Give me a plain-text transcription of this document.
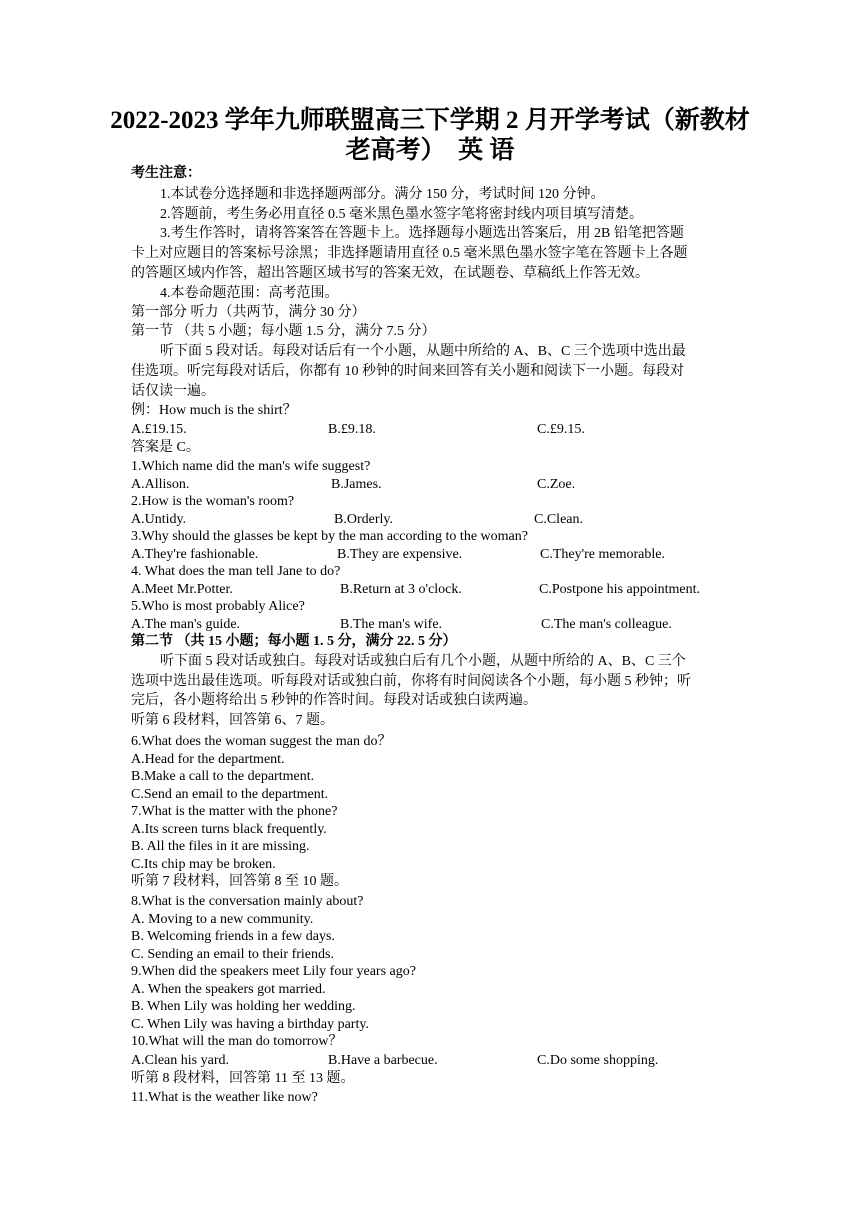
2022-2023 学年九师联盟高三下学期 2 月开学考试（新教材
老高考）　英 语
考生注意：
1.本试卷分选择题和非选择题两部分。满分 150 分，考试时间 120 分钟。
2.答题前，考生务必用直径 0.5 毫米黑色墨水签字笔将密封线内项目填写清楚。
3.考生作答时，请将答案答在答题卡上。选择题每小题选出答案后，用 2B 铅笔把答题
卡上对应题目的答案标号涂黑；非选择题请用直径 0.5 毫米黑色墨水签字笔在答题卡上各题
的答题区域内作答，超出答题区域书写的答案无效，在试题卷、草稿纸上作答无效。
4.本卷命题范围：高考范围。
第一部分 听力（共两节，满分 30 分）
第一节 （共 5 小题；每小题 1.5 分，满分 7.5 分）
听下面 5 段对话。每段对话后有一个小题，从题中所给的 A、B、C 三个选项中选出最
佳选项。听完每段对话后，你都有 10 秒钟的时间来回答有关小题和阅读下一小题。每段对
话仅读一遍。
例：How much is the shirt？
A.£19.15.	B.£9.18.	C.£9.15.
答案是 C。
1.Which name did the man's wife suggest?
A.Allison.	B.James.	C.Zoe.
2.How is the woman's room?
A.Untidy.	B.Orderly.	C.Clean.
3.Why should the glasses be kept by the man according to the woman?
A.They're fashionable.	B.They are expensive.	C.They're memorable.
4. What does the man tell Jane to do?
A.Meet Mr.Potter.	B.Return at 3 o'clock.	C.Postpone his appointment.
5.Who is most probably Alice?
A.The man's guide.	B.The man's wife.	C.The man's colleague.
第二节 （共 15 小题；每小题 1. 5 分，满分 22. 5 分）
听下面 5 段对话或独白。每段对话或独白后有几个小题，从题中所给的 A、B、C 三个
选项中选出最佳选项。听每段对话或独白前，你将有时间阅读各个小题，每小题 5 秒钟；听
完后，各小题将给出 5 秒钟的作答时间。每段对话或独白读两遍。
听第 6 段材料，回答第 6、7 题。
6.What does the woman suggest the man do？
A.Head for the department.
B.Make a call to the department.
C.Send an email to the department.
7.What is the matter with the phone?
A.Its screen turns black frequently.
B. All the files in it are missing.
C.Its chip may be broken.
听第 7 段材料，回答第 8 至 10 题。
8.What is the conversation mainly about?
A. Moving to a new community.
B. Welcoming friends in a few days.
C. Sending an email to their friends.
9.When did the speakers meet Lily four years ago?
A. When the speakers got married.
B. When Lily was holding her wedding.
C. When Lily was having a birthday party.
10.What will the man do tomorrow？
A.Clean his yard.	B.Have a barbecue.	C.Do some shopping.
听第 8 段材料，回答第 11 至 13 题。
11.What is the weather like now?
